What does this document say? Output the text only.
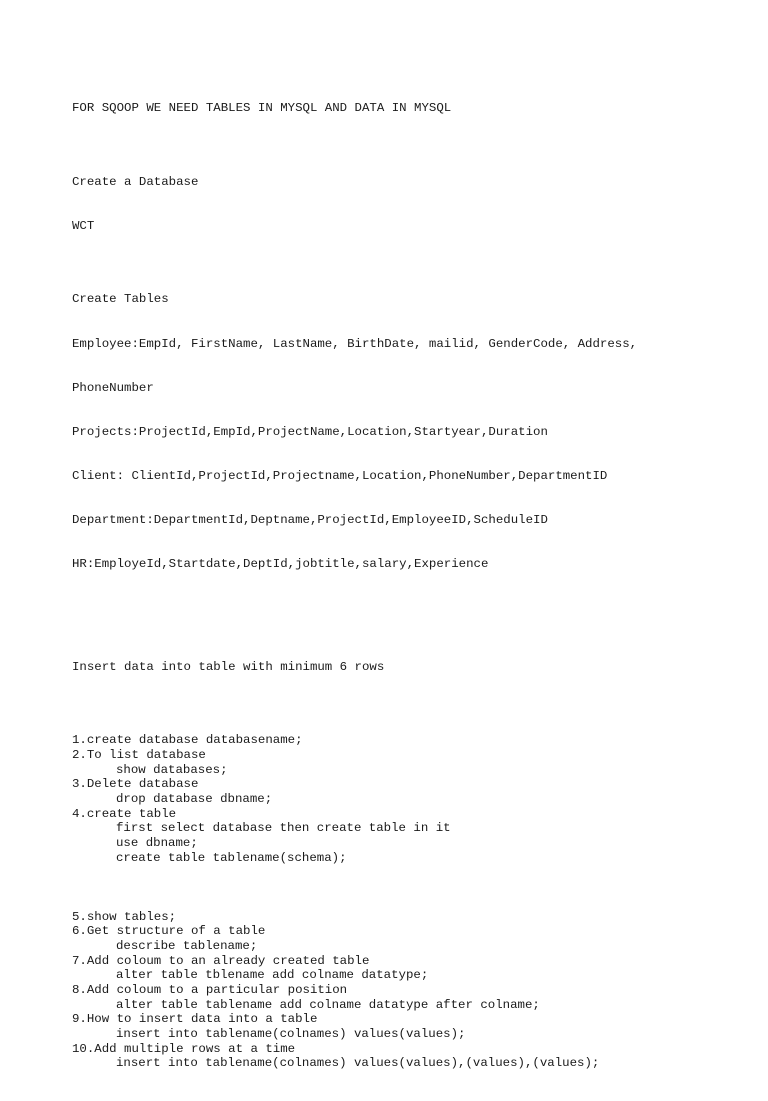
FOR SQOOP WE NEED TABLES IN MYSQL AND DATA IN MYSQL

Create a Database

WCT

Create Tables

Employee:EmpId, FirstName, LastName, BirthDate, mailid, GenderCode, Address,

PhoneNumber

Projects:ProjectId,EmpId,ProjectName,Location,Startyear,Duration

Client: ClientId,ProjectId,Projectname,Location,PhoneNumber,DepartmentID

Department:DepartmentId,Deptname,ProjectId,EmployeeID,ScheduleID

HR:EmployeId,Startdate,DeptId,jobtitle,salary,Experience

Insert data into table with minimum 6 rows

1.create database databasename;
2.To list database
show databases;
3.Delete database
drop database dbname;
4.create table
first select database then create table in it
use dbname;
create table tablename(schema);

5.show tables;
6.Get structure of a table
describe tablename;
7.Add coloum to an already created table
alter table tblename add colname datatype;
8.Add coloum to a particular position
alter table tablename add colname datatype after colname;
9.How to insert data into a table
insert into tablename(colnames) values(values);
10.Add multiple rows at a time
insert into tablename(colnames) values(values),(values),(values);
